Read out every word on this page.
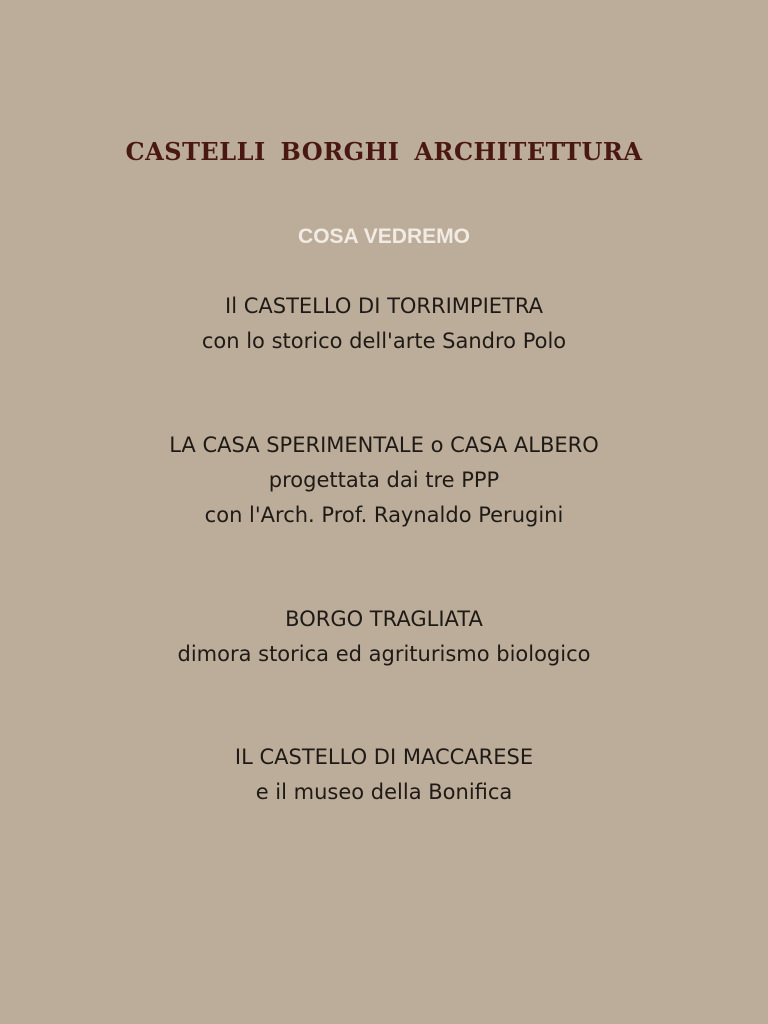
CASTELLI BORGHI ARCHITETTURA
COSA VEDREMO
Il CASTELLO DI TORRIMPIETRA
con lo storico dell'arte Sandro Polo
LA CASA SPERIMENTALE o CASA ALBERO
progettata dai tre PPP
con l'Arch. Prof. Raynaldo Perugini
BORGO TRAGLIATA
dimora storica ed agriturismo biologico
IL CASTELLO DI MACCARESE
e il museo della Bonifica
